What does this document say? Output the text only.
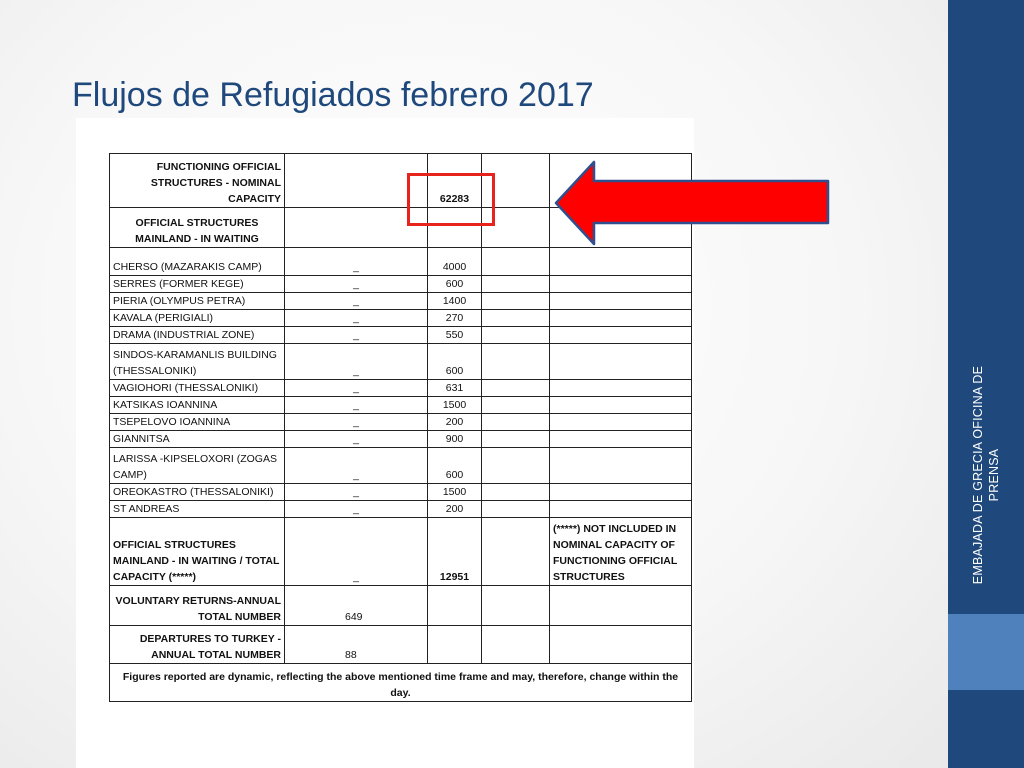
EMBAJADA DE GRECIA OFICINA DE PRENSA
Flujos de Refugiados febrero 2017
FUNCTIONING OFFICIAL STRUCTURES - NOMINAL CAPACITY		62283		
OFFICIAL STRUCTURES MAINLAND - IN WAITING				
CHERSO (MAZARAKIS CAMP)	_	4000		
SERRES (FORMER KEGE)	_	600		
PIERIA (OLYMPUS PETRA)	_	1400		
KAVALA (PERIGIALI)	_	270		
DRAMA (INDUSTRIAL ZONE)	_	550		
SINDOS-KARAMANLIS BUILDING (THESSALONIKI)	_	600		
VAGIOHORI (THESSALONIKI)	_	631		
KATSIKAS IOANNINA	_	1500		
TSEPELOVO IOANNINA	_	200		
GIANNITSA	_	900		
LARISSA -KIPSELOXORI (ZOGAS CAMP)	_	600		
OREOKASTRO (THESSALONIKI)	_	1500		
ST ANDREAS	_	200		
OFFICIAL STRUCTURES MAINLAND - IN WAITING / TOTAL CAPACITY (*****)	_	12951		(*****) NOT INCLUDED IN NOMINAL CAPACITY OF FUNCTIONING OFFICIAL STRUCTURES
VOLUNTARY RETURNS-ANNUAL TOTAL NUMBER	649			
DEPARTURES TO TURKEY - ANNUAL TOTAL NUMBER	88			
Figures reported are dynamic, reflecting the above mentioned time frame and may, therefore, change within the day.				
